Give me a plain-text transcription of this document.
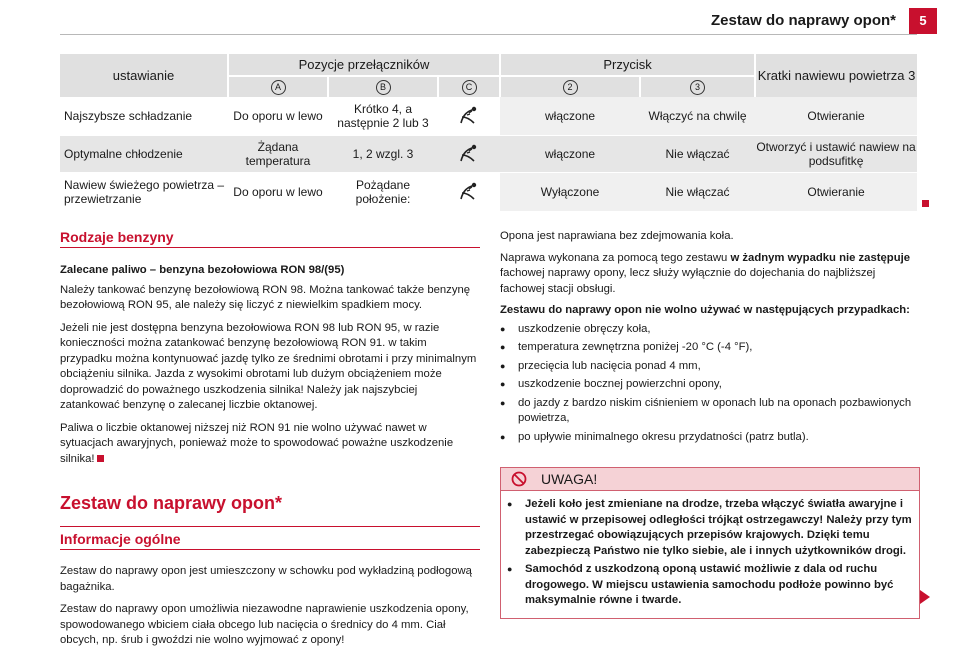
Zestaw do naprawy opon*	5
ustawianie	Pozycje przełączników			Przycisk		Kratki nawiewu powietrza 3
	A	B	C	2	3	
Najszybsze schładzanie	Do oporu w lewo	Krótko 4, a następnie 2 lub 3		włączone	Włączyć na chwilę	Otwieranie
Optymalne chłodzenie	Żądana temperatura	1, 2 wzgl. 3		włączone	Nie włączać	Otworzyć i ustawić nawiew na podsufitkę
Nawiew świeżego powietrza – przewietrzanie	Do oporu w lewo	Pożądane położenie:		Wyłączone	Nie włączać	Otwieranie
Rodzaje benzyny

Zalecane paliwo – benzyna bezołowiowa RON 98/(95)

Należy tankować benzynę bezołowiową RON 98. Można tankować także benzynę bezołowiową RON 95, ale należy się liczyć z niewielkim spadkiem mocy.

Jeżeli nie jest dostępna benzyna bezołowiowa RON 98 lub RON 95, w razie konieczności można zatankować benzynę bezołowiową RON 91. w takim przypadku można kontynuować jazdę tylko ze średnimi obrotami i przy minimalnym obciążeniu silnika. Jazda z wysokimi obrotami lub dużym obciążeniem może doprowadzić do poważnego uszkodzenia silnika! Należy jak najszybciej zatankować benzynę o zalecanej liczbie oktanowej.

Paliwa o liczbie oktanowej niższej niż RON 91 nie wolno używać nawet w sytuacjach awaryjnych, ponieważ może to spowodować poważne uszkodzenie silnika!

Zestaw do naprawy opon*
Informacje ogólne

Zestaw do naprawy opon jest umieszczony w schowku pod wykładziną podłogową bagażnika.

Zestaw do naprawy opon umożliwia niezawodne naprawienie uszkodzenia opony, spowodowanego wbiciem ciała obcego lub nacięcia o średnicy do 4 mm. Ciał obcych, np. śrub i gwoździ nie wolno wyjmować z opony!

Opona jest naprawiana bez zdejmowania koła.

Naprawa wykonana za pomocą tego zestawu w żadnym wypadku nie zastępuje fachowej naprawy opony, lecz służy wyłącznie do dojechania do najbliższej fachowej stacji obsługi.

Zestawu do naprawy opon nie wolno używać w następujących przypadkach:

● uszkodzenie obręczy koła,
● temperatura zewnętrzna poniżej -20 °C (-4 °F),
● przecięcia lub nacięcia ponad 4 mm,
● uszkodzenie bocznej powierzchni opony,
● do jazdy z bardzo niskim ciśnieniem w oponach lub na oponach pozbawionych powietrza,
● po upływie minimalnego okresu przydatności (patrz butla).
UWAGA!
● Jeżeli koło jest zmieniane na drodze, trzeba włączyć światła awaryjne i ustawić w przepisowej odległości trójkąt ostrzegawczy! Należy przy tym przestrzegać obowiązujących przepisów krajowych. Dzięki temu zabezpieczą Państwo nie tylko siebie, ale i innych użytkowników drogi.
● Samochód z uszkodzoną oponą ustawić możliwie z dala od ruchu drogowego. W miejscu ustawienia samochodu podłoże powinno być maksymalnie równe i twarde.
